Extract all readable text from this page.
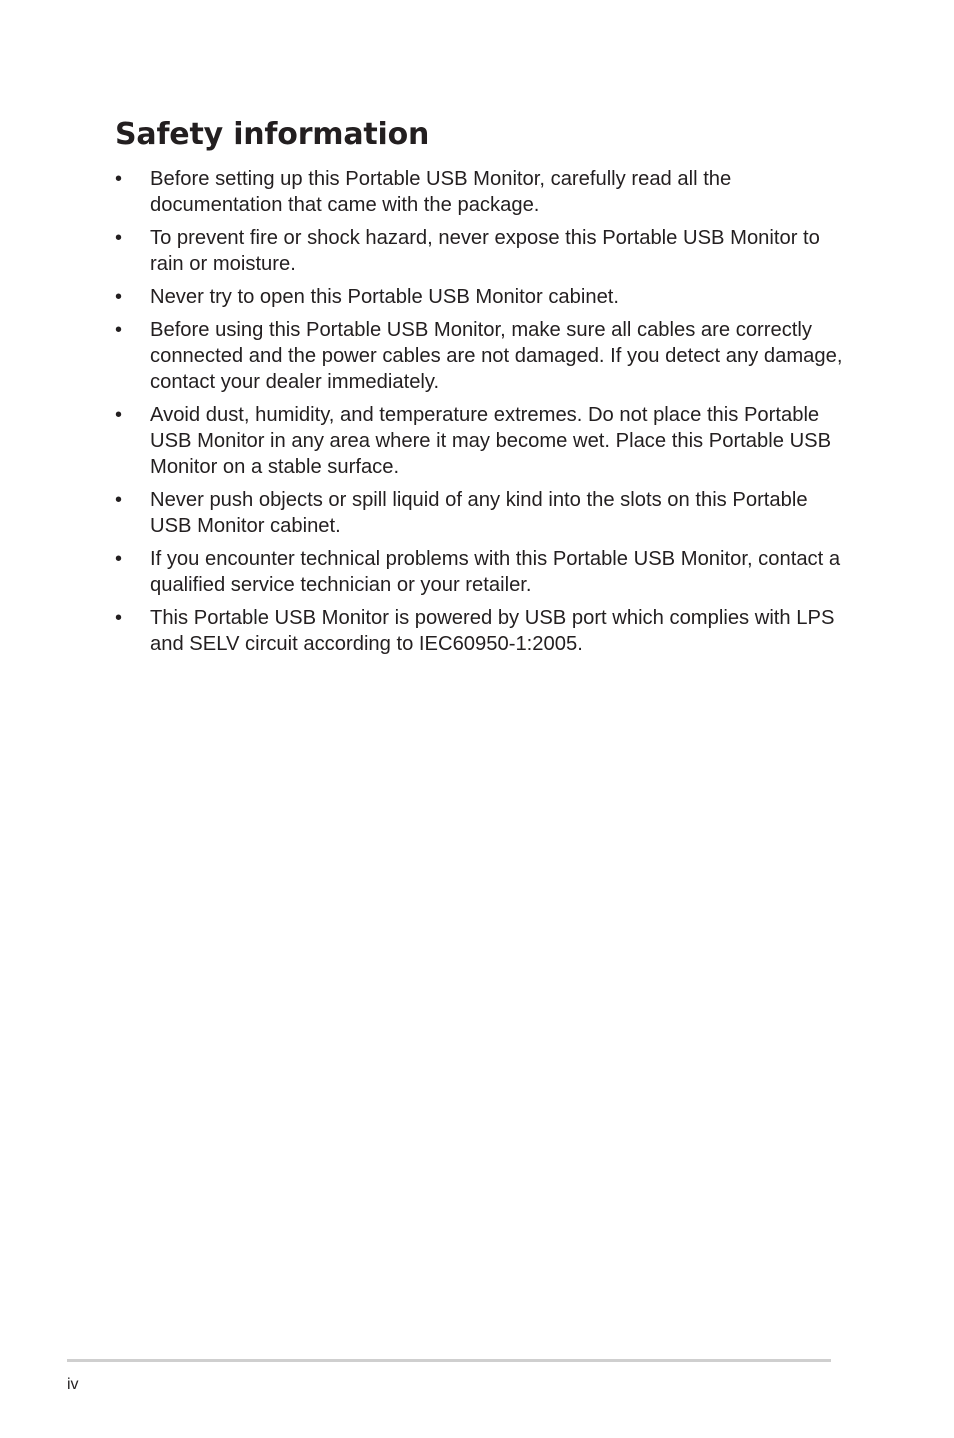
Safety information
•	Before setting up this Portable USB Monitor, carefully read all the documentation that came with the package.
•	To prevent fire or shock hazard, never expose this Portable USB Monitor to rain or moisture.
•	Never try to open this Portable USB Monitor cabinet.
•	Before using this Portable USB Monitor, make sure all cables are correctly connected and the power cables are not damaged. If you detect any damage, contact your dealer immediately.
•	Avoid dust, humidity, and temperature extremes. Do not place this Portable USB Monitor in any area where it may become wet. Place this Portable USB Monitor on a stable surface.
•	Never push objects or spill liquid of any kind into the slots on this Portable USB Monitor cabinet.
•	If you encounter technical problems with this Portable USB Monitor, contact a qualified service technician or your retailer.
•	This Portable USB Monitor is powered by USB port which complies with LPS and SELV circuit according to IEC60950-1:2005.
iv
